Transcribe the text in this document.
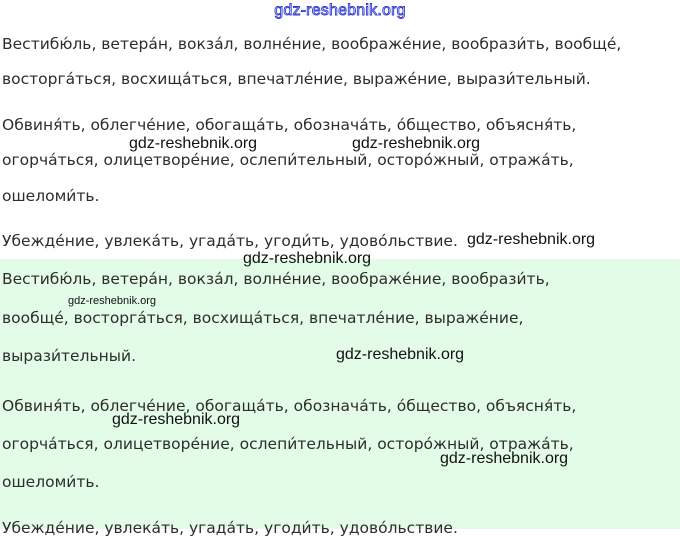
gdz-reshebnik.org
Вестибю́ль, ветера́н, вокза́л, волне́ние, воображе́ние, вообрази́ть, вообще́,
восторга́ться, восхища́ться, впечатле́ние, выраже́ние, вырази́тельный.
Обвиня́ть, облегче́ние, обогаща́ть, обознача́ть, о́бщество, объясня́ть,
огорча́ться, олицетворе́ние, ослепи́тельный, осторо́жный, отража́ть,
ошеломи́ть.
Убежде́ние, увлека́ть, угада́ть, угоди́ть, удово́льствие.
gdz-reshebnik.org	gdz-reshebnik.org
gdz-reshebnik.org
Вестибю́ль, ветера́н, вокза́л, волне́ние, воображе́ние, вообрази́ть,
вообще́, восторга́ться, восхища́ться, впечатле́ние, выраже́ние,
вырази́тельный.
Обвиня́ть, облегче́ние, обогаща́ть, обознача́ть, о́бщество, объясня́ть,
огорча́ться, олицетворе́ние, ослепи́тельный, осторо́жный, отража́ть,
ошеломи́ть.
Убежде́ние, увлека́ть, угада́ть, угоди́ть, удово́льствие.
gdz-reshebnik.org
gdz-reshebnik.org
gdz-reshebnik.org
gdz-reshebnik.org
gdz-reshebnik.org
